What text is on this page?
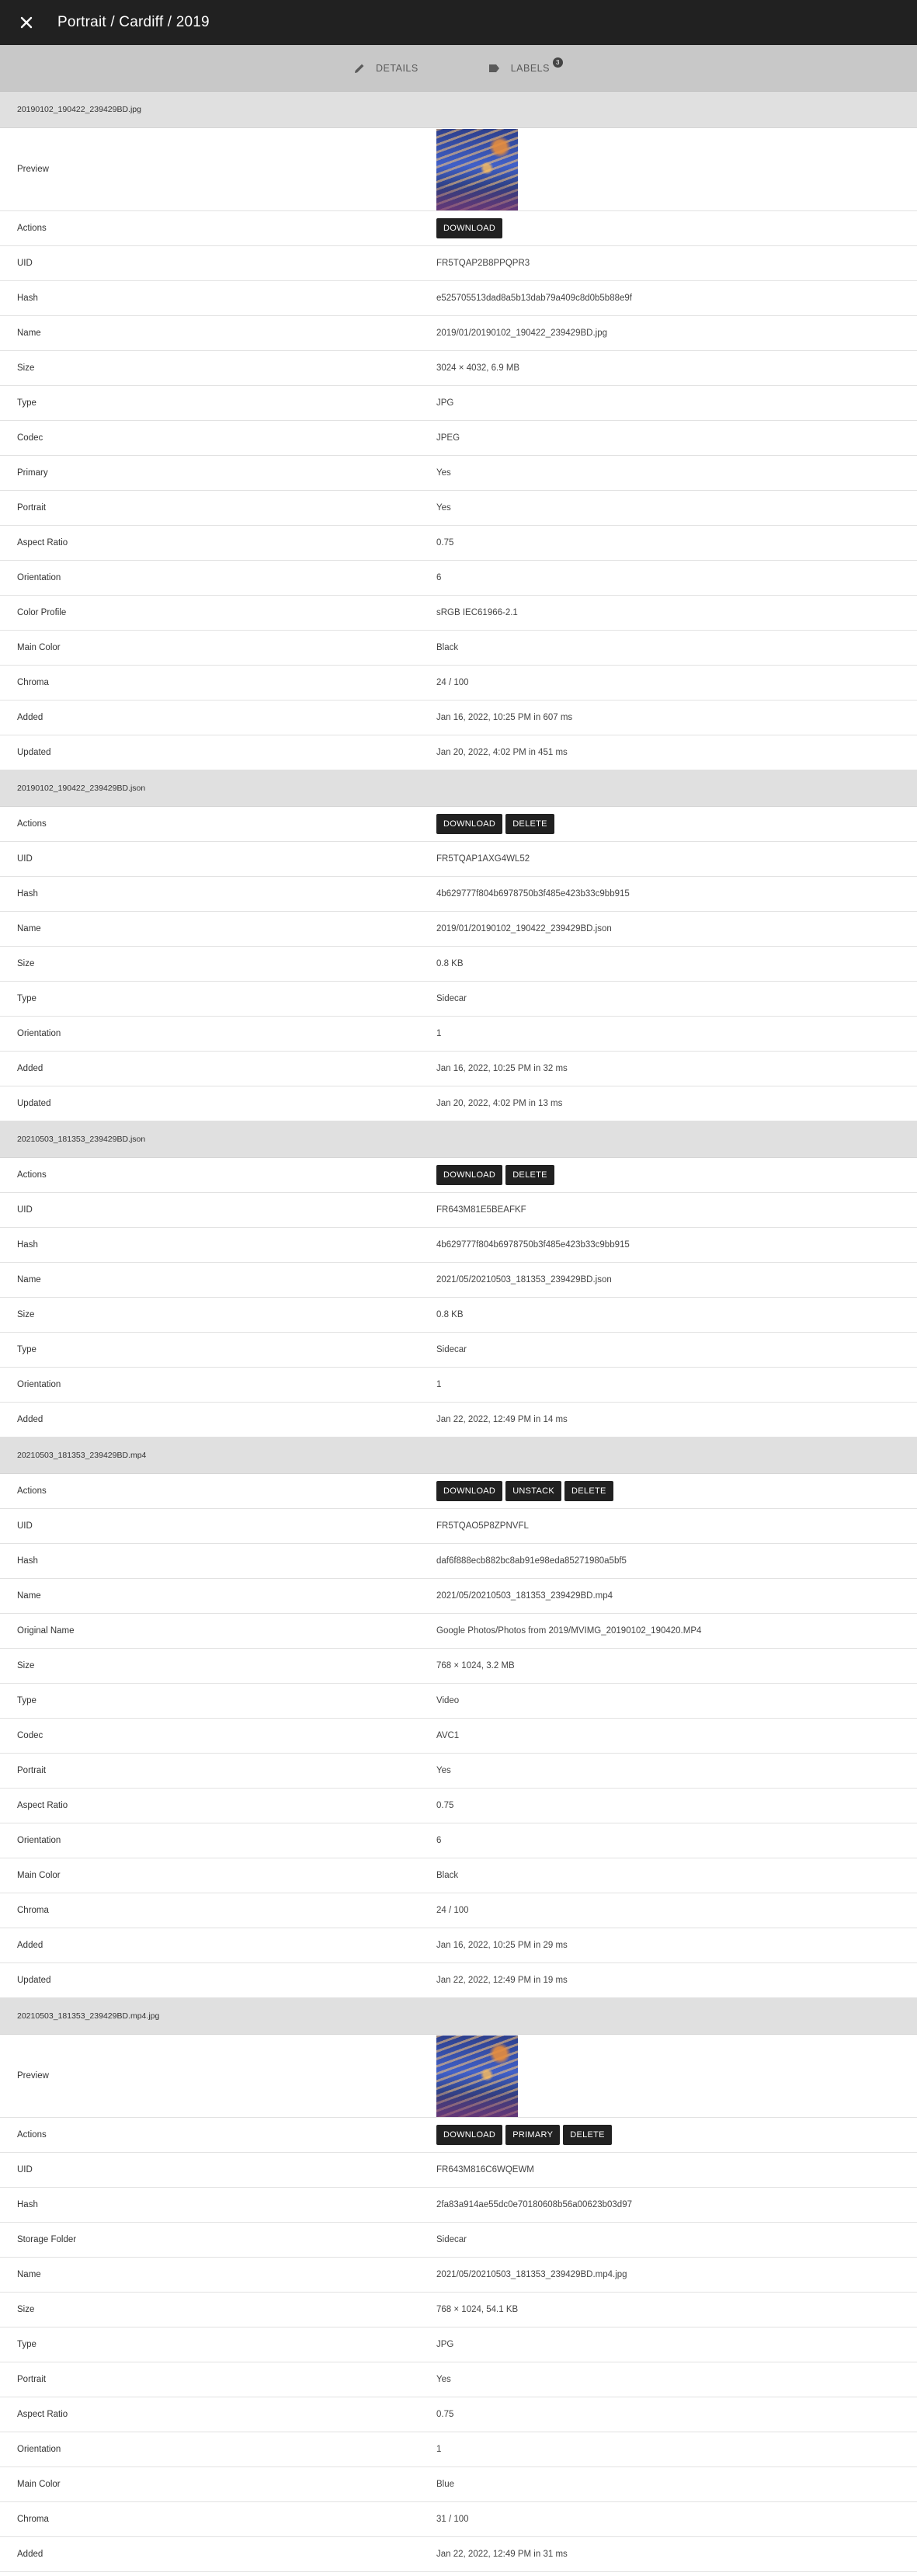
Portrait / Cardiff / 2019
DETAILS	LABELS	3
20190102_190422_239429BD.jpg
Preview
Actions	DOWNLOAD
UID	FR5TQAP2B8PPQPR3
Hash	e525705513dad8a5b13dab79a409c8d0b5b88e9f
Name	2019/01/20190102_190422_239429BD.jpg
Size	3024 × 4032, 6.9 MB
Type	JPG
Codec	JPEG
Primary	Yes
Portrait	Yes
Aspect Ratio	0.75
Orientation	6
Color Profile	sRGB IEC61966-2.1
Main Color	Black
Chroma	24 / 100
Added	Jan 16, 2022, 10:25 PM in 607 ms
Updated	Jan 20, 2022, 4:02 PM in 451 ms
20190102_190422_239429BD.json
Actions	DOWNLOAD	DELETE
UID	FR5TQAP1AXG4WL52
Hash	4b629777f804b6978750b3f485e423b33c9bb915
Name	2019/01/20190102_190422_239429BD.json
Size	0.8 KB
Type	Sidecar
Orientation	1
Added	Jan 16, 2022, 10:25 PM in 32 ms
Updated	Jan 20, 2022, 4:02 PM in 13 ms
20210503_181353_239429BD.json
Actions	DOWNLOAD	DELETE
UID	FR643M81E5BEAFKF
Hash	4b629777f804b6978750b3f485e423b33c9bb915
Name	2021/05/20210503_181353_239429BD.json
Size	0.8 KB
Type	Sidecar
Orientation	1
Added	Jan 22, 2022, 12:49 PM in 14 ms
20210503_181353_239429BD.mp4
Actions	DOWNLOAD	UNSTACK	DELETE
UID	FR5TQAO5P8ZPNVFL
Hash	daf6f888ecb882bc8ab91e98eda85271980a5bf5
Name	2021/05/20210503_181353_239429BD.mp4
Original Name	Google Photos/Photos from 2019/MVIMG_20190102_190420.MP4
Size	768 × 1024, 3.2 MB
Type	Video
Codec	AVC1
Portrait	Yes
Aspect Ratio	0.75
Orientation	6
Main Color	Black
Chroma	24 / 100
Added	Jan 16, 2022, 10:25 PM in 29 ms
Updated	Jan 22, 2022, 12:49 PM in 19 ms
20210503_181353_239429BD.mp4.jpg
Preview
Actions	DOWNLOAD	PRIMARY	DELETE
UID	FR643M816C6WQEWM
Hash	2fa83a914ae55dc0e70180608b56a00623b03d97
Storage Folder	Sidecar
Name	2021/05/20210503_181353_239429BD.mp4.jpg
Size	768 × 1024, 54.1 KB
Type	JPG
Portrait	Yes
Aspect Ratio	0.75
Orientation	1
Main Color	Blue
Chroma	31 / 100
Added	Jan 22, 2022, 12:49 PM in 31 ms
